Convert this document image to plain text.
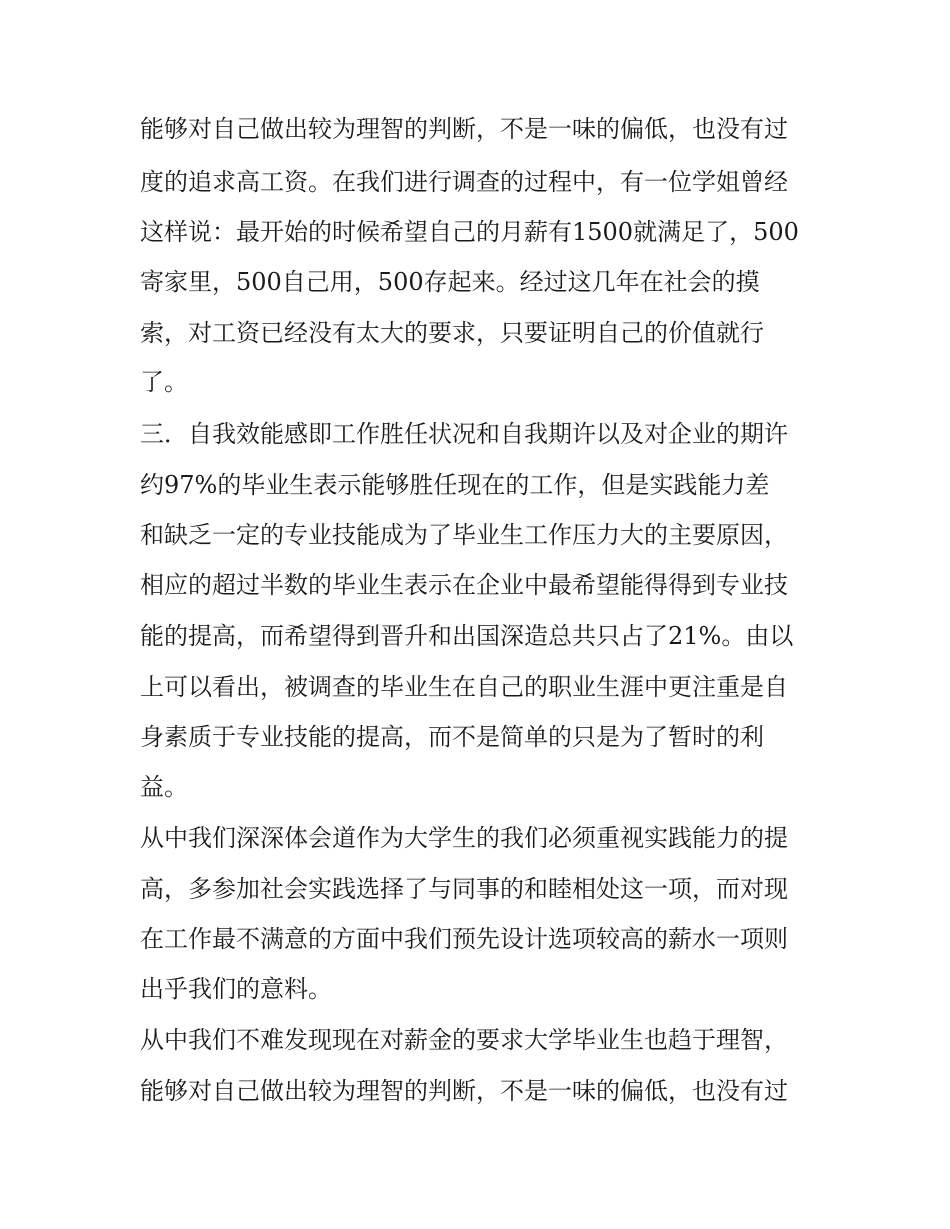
能够对自己做出较为理智的判断，不是一味的偏低，也没有过
度的追求高工资。在我们进行调查的过程中，有一位学姐曾经
这样说：最开始的时候希望自己的月薪有1500就满足了，500
寄家里，500自己用，500存起来。经过这几年在社会的摸
索，对工资已经没有太大的要求，只要证明自己的价值就行
了。
三．自我效能感即工作胜任状况和自我期许以及对企业的期许
约97%的毕业生表示能够胜任现在的工作，但是实践能力差
和缺乏一定的专业技能成为了毕业生工作压力大的主要原因，
相应的超过半数的毕业生表示在企业中最希望能得得到专业技
能的提高，而希望得到晋升和出国深造总共只占了21%。由以
上可以看出，被调查的毕业生在自己的职业生涯中更注重是自
身素质于专业技能的提高，而不是简单的只是为了暂时的利
益。
从中我们深深体会道作为大学生的我们必须重视实践能力的提
高，多参加社会实践选择了与同事的和睦相处这一项，而对现
在工作最不满意的方面中我们预先设计选项较高的薪水一项则
出乎我们的意料。
从中我们不难发现现在对薪金的要求大学毕业生也趋于理智，
能够对自己做出较为理智的判断，不是一味的偏低，也没有过
